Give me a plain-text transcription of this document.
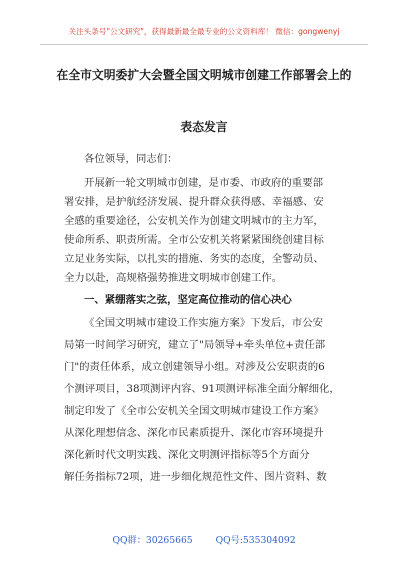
关注头条号"公文研究"，获得最新最全最专业的公文资料库！ 微信：gongwenyj
在全市文明委扩大会暨全国文明城市创建工作部署会上的
表态发言
各位领导，同志们：
开展新一轮文明城市创建，是市委、市政府的重要部
署安排，是护航经济发展、提升群众获得感、幸福感、安
全感的重要途径，公安机关作为创建文明城市的主力军，
使命所系、职责所需。全市公安机关将紧紧围绕创建目标
立足业务实际，以扎实的措施、务实的态度，全警动员、
全力以赴，高规格强势推进文明城市创建工作。
一、紧绷落实之弦，坚定高位推动的信心决心
《全国文明城市建设工作实施方案》下发后，市公安
局第一时间学习研究，建立了"局领导+牵头单位+责任部
门"的责任体系，成立创建领导小组。对涉及公安职责的6
个测评项目，38项测评内容、91项测评标准全面分解细化，
制定印发了《全市公安机关全国文明城市建设工作方案》
从深化理想信念、深化市民素质提升、深化市容环境提升
深化新时代文明实践、深化文明测评指标等5个方面分
解任务指标72项，进一步细化规范性文件、图片资料、数
QQ群：30265665 QQ号:535304092
